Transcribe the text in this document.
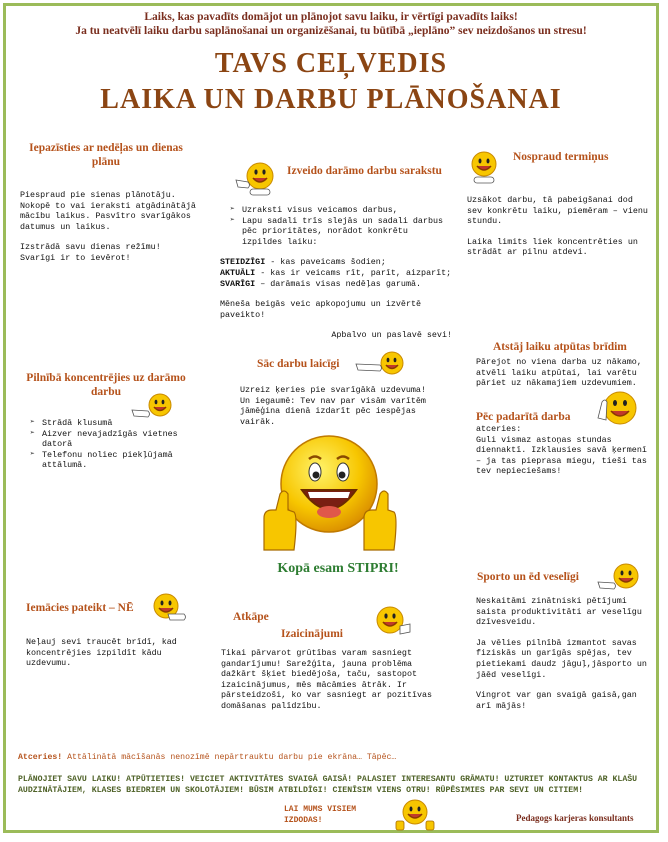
Laiks, kas pavadīts domājot un plānojot savu laiku, ir vērtīgi pavadīts laiks!
Ja tu neatvēlī laiku darbu saplānošanai un organizēšanai, tu būtībā „ieplāno” sev neizdošanos un stresu!
TAVS CEĻVEDIS
LAIKA UN DARBU PLĀNOŠANAI
Iepazīsties ar nedēļas un dienas plānu
Piespraud pie sienas plānotāju. Nokopē to vai ieraksti atgādinātājā mācību laikus. Pasvītro svarīgākos datumus un laikus.
Izstrādā savu dienas režīmu! Svarīgi ir to ievērot!
Izveido darāmo darbu sarakstu
➢ Uzraksti visus veicamos darbus,
➢ Lapu sadali trīs slejās un sadali darbus pēc prioritātes, norādot konkrētu izpildes laiku:
STEIDZĪGI - kas paveicams šodien;
AKTUĀLI - kas ir veicams rīt, parīt, aizparīt;
SVARĪGI – darāmais visas nedēļas garumā.
Mēneša beigās veic apkopojumu un izvērtē paveikto!
Apbalvo un paslavē sevi!
Nosprаud termiņus
Uzsākot darbu, tā pabeigšanai dod sev konkrētu laiku, piemēram – vienu stundu.
Laika limits liek koncentrēties un strādāt ar pilnu atdevi.
Pilnībā koncentrējies uz darāmo darbu
➢ Strādā klusumā
➢ Aizver nevajadzīgās vietnes datorā
➢ Telefonu noliec piekļūjamā attālumā.
Sāc darbu laicīgi
Uzreiz ķeries pie svarīgākā uzdevuma! Un iegaumē: Tev nav par visām varītēm jāmēģina dienā izdarīt pēc iespējas vairāk.
Kopā esam STIPRI!
Atstāj laiku atpūtas brīdim
Pārejot no viena darba uz nākamo, atvēli laiku atpūtai, lai varētu pāriet uz nākamajiem uzdevumiem.
Pēc padarītā darba
atceries:
Guli vismaz astoņas stundas diennaktī. Izklausies savā ķermenī – ja tas pieprasa miegu, tieši tas tev nepieciešams!
Sporto un ēd veselīgi
Neskaitāmi zinātniski pētījumi saista produktivitāti ar veselīgu dzīvesveidu.
Ja vēlies pilnībā izmantot savas fiziskās un garīgās spējas, tev pietiekami daudz jāguļ,jāsporto un jāēd veselīgi.
Vingrot var gan svaigā gaisā,gan arī mājās!
Iemācies pateikt – NĒ
Neļauj sevi traucēt brīdī, kad koncentrējies izpildīt kādu uzdevumu.
Atkāpe
Izaicinājumi
Tikai pārvarot grūtības varam sasniegt gandarījumu! Sarežģīta, jauna problēma dažkārt šķiet biedējoša, taču, sastopot izaicinājumus, mēs mācāmies ātrāk. Ir pārsteidzoši, ko var sasniegt ar pozitīvas domāšanas palīdzību.
Atceries! Attālinātā mācīšanās nenozīmē nepārtrauktu darbu pie ekrāna… Tāpēc…
PLĀNOJIET SAVU LAIKU! ATPŪTIETIES! VEICIET AKTIVITĀTES SVAIGĀ GAISĀ! PALASIET INTERESANTU GRĀMATU! UZTURIET KONTAKTUS AR KLAŠU AUDZINĀTĀJIEM, KLASES BIEDRIEM UN SKOLOTĀJIEM! BŪSIM ATBILDĪGI! CIENĪSIM VIENS OTRU! RŪPĒSIMIES PAR SEVI UN CITIEM!
LAI MUMS VISIEM IZDODAS!	Pedagogs karjeras konsultants
